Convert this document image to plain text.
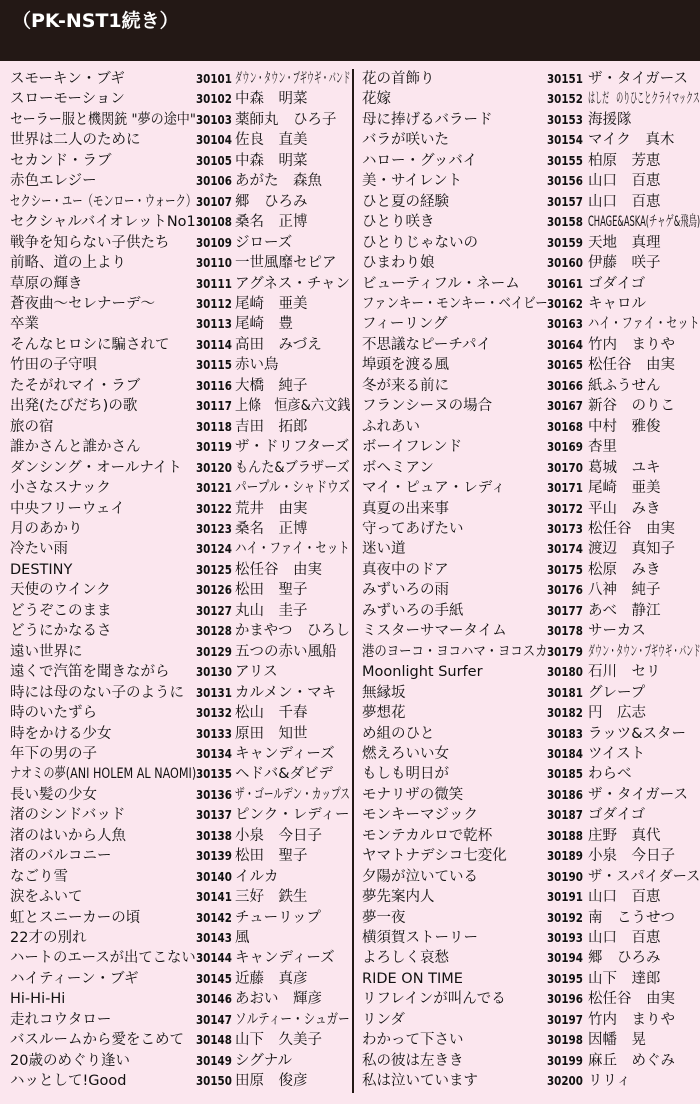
（PK-NST1続き）
スモーキン・ブギ	30101 ダウン・タウン・ブギウギ・バンド
スローモーション	30102 中森　明菜
セーラー服と機関銃 "夢の途中" 30103 薬師丸　ひろ子
世界は二人のために	30104 佐良　直美
セカンド・ラブ	30105 中森　明菜
赤色エレジー	30106 あがた　森魚
セクシー・ユー（モンロー・ウォーク） 30107 郷　ひろみ
セクシャルバイオレットNo1 30108 桑名　正博
戦争を知らない子供たち	30109 ジローズ
前略、道の上より	30110 一世風靡セピア
草原の輝き	30111 アグネス・チャン
蒼夜曲～セレナーデ～	30112 尾崎　亜美
卒業	30113 尾崎　豊
そんなヒロシに騙されて	30114 高田　みづえ
竹田の子守唄	30115 赤い鳥
たそがれマイ・ラブ	30116 大橋　純子
出発(たびだち)の歌	30117 上條　恒彦&六文銭
旅の宿	30118 吉田　拓郎
誰かさんと誰かさん	30119 ザ・ドリフターズ
ダンシング・オールナイト	30120 もんた&ブラザーズ
小さなスナック	30121 パープル・シャドウズ
中央フリーウェイ	30122 荒井　由実
月のあかり	30123 桑名　正博
冷たい雨	30124 ハイ・ファイ・セット
DESTINY	30125 松任谷　由実
天使のウインク	30126 松田　聖子
どうぞこのまま	30127 丸山　圭子
どうにかなるさ	30128 かまやつ　ひろし
遠い世界に	30129 五つの赤い風船
遠くで汽笛を聞きながら	30130 アリス
時には母のない子のように	30131 カルメン・マキ
時のいたずら	30132 松山　千春
時をかける少女	30133 原田　知世
年下の男の子	30134 キャンディーズ
ナオミの夢(ANI HOLEM AL NAOMI) 30135 ヘドバ&ダビデ
長い髪の少女	30136 ザ・ゴールデン・カップス
渚のシンドバッド	30137 ピンク・レディー
渚のはいから人魚	30138 小泉　今日子
渚のバルコニー	30139 松田　聖子
なごり雪	30140 イルカ
涙をふいて	30141 三好　鉄生
虹とスニーカーの頃	30142 チューリップ
22才の別れ	30143 風
ハートのエースが出てこない 30144 キャンディーズ
ハイティーン・ブギ	30145 近藤　真彦
Hi-Hi-Hi	30146 あおい　輝彦
走れコウタロー	30147 ソルティー・シュガー
バスルームから愛をこめて	30148 山下　久美子
20歳のめぐり逢い	30149 シグナル
ハッとして!Good	30150 田原　俊彦
花の首飾り	30151 ザ・タイガース
花嫁	30152 はしだ　のりひことクライマックス
母に捧げるバラード	30153 海援隊
バラが咲いた	30154 マイク　真木
ハロー・グッバイ	30155 柏原　芳恵
美・サイレント	30156 山口　百恵
ひと夏の経験	30157 山口　百恵
ひとり咲き	30158 CHAGE&ASKA(チャゲ&飛鳥)
ひとりじゃないの	30159 天地　真理
ひまわり娘	30160 伊藤　咲子
ビューティフル・ネーム	30161 ゴダイゴ
ファンキー・モンキー・ベイビー 30162 キャロル
フィーリング	30163 ハイ・ファイ・セット
不思議なピーチパイ	30164 竹内　まりや
埠頭を渡る風	30165 松任谷　由実
冬が来る前に	30166 紙ふうせん
フランシーヌの場合	30167 新谷　のりこ
ふれあい	30168 中村　雅俊
ボーイフレンド	30169 杏里
ボヘミアン	30170 葛城　ユキ
マイ・ピュア・レディ	30171 尾崎　亜美
真夏の出来事	30172 平山　みき
守ってあげたい	30173 松任谷　由実
迷い道	30174 渡辺　真知子
真夜中のドア	30175 松原　みき
みずいろの雨	30176 八神　純子
みずいろの手紙	30177 あべ　静江
ミスターサマータイム	30178 サーカス
港のヨーコ・ヨコハマ・ヨコスカ 30179 ダウン・タウン・ブギウギ・バンド
Moonlight Surfer	30180 石川　セリ
無縁坂	30181 グレープ
夢想花	30182 円　広志
め組のひと	30183 ラッツ&スター
燃えろいい女	30184 ツイスト
もしも明日が	30185 わらべ
モナリザの微笑	30186 ザ・タイガース
モンキーマジック	30187 ゴダイゴ
モンテカルロで乾杯	30188 庄野　真代
ヤマトナデシコ七変化	30189 小泉　今日子
夕陽が泣いている	30190 ザ・スパイダース
夢先案内人	30191 山口　百恵
夢一夜	30192 南　こうせつ
横須賀ストーリー	30193 山口　百恵
よろしく哀愁	30194 郷　ひろみ
RIDE ON TIME	30195 山下　達郎
リフレインが叫んでる	30196 松任谷　由実
リンダ	30197 竹内　まりや
わかって下さい	30198 因幡　晃
私の彼は左きき	30199 麻丘　めぐみ
私は泣いています	30200 リリィ
